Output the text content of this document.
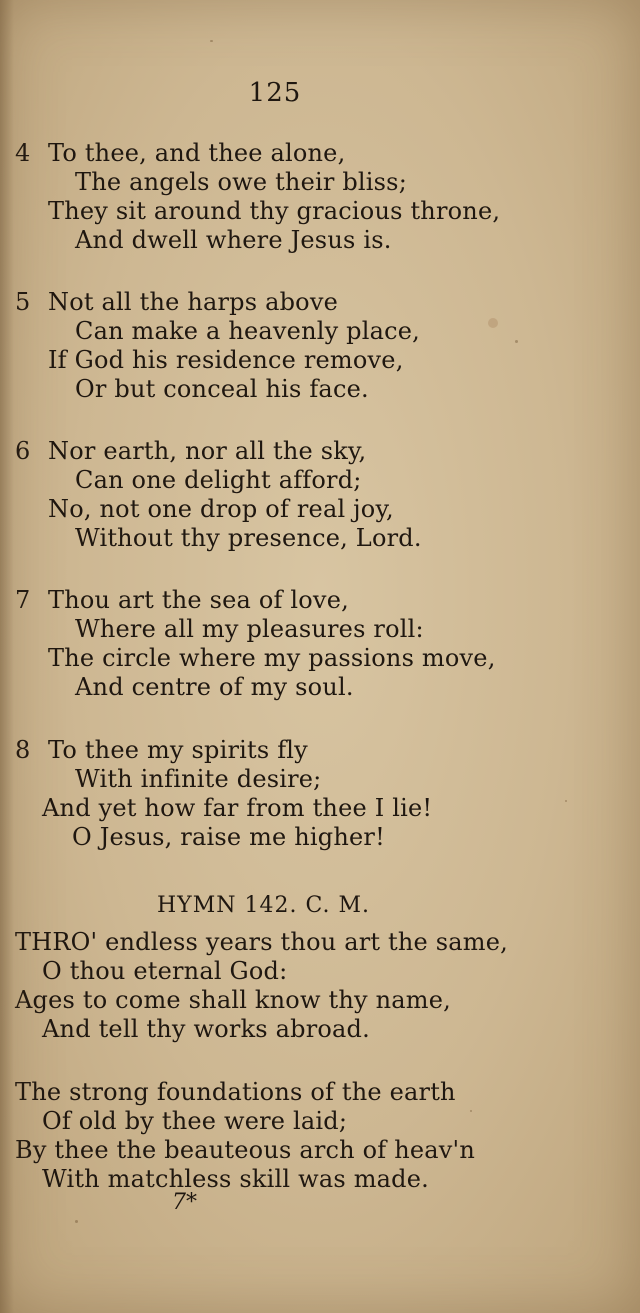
125
4 To thee, and thee alone,
The angels owe their bliss;
They sit around thy gracious throne,
And dwell where Jesus is.
5 Not all the harps above
Can make a heavenly place,
If God his residence remove,
Or but conceal his face.
6 Nor earth, nor all the sky,
Can one delight afford;
No, not one drop of real joy,
Without thy presence, Lord.
7 Thou art the sea of love,
Where all my pleasures roll:
The circle where my passions move,
And centre of my soul.
8 To thee my spirits fly
With infinite desire;
And yet how far from thee I lie!
O Jesus, raise me higher!
HYMN 142. C. M.
THRO' endless years thou art the same,
O thou eternal God:
Ages to come shall know thy name,
And tell thy works abroad.
The strong foundations of the earth
Of old by thee were laid;
By thee the beauteous arch of heav'n
With matchless skill was made.
7*
